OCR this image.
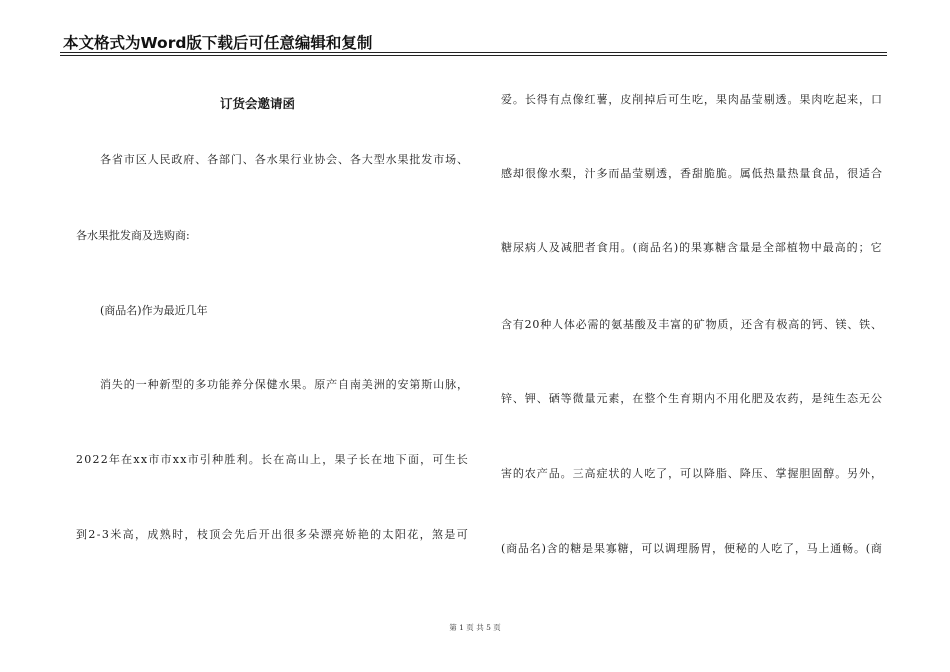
本文格式为Word版下载后可任意编辑和复制
订货会邀请函
各省市区人民政府、各部门、各水果行业协会、各大型水果批发市场、
各水果批发商及选购商:
(商品名)作为最近几年
消失的一种新型的多功能养分保健水果。原产自南美洲的安第斯山脉，
2022年在xx市市xx市引种胜利。长在高山上，果子长在地下面，可生长
到2-3米高，成熟时，枝顶会先后开出很多朵漂亮娇艳的太阳花，煞是可
爱。长得有点像红薯，皮削掉后可生吃，果肉晶莹剔透。果肉吃起来，口
感却很像水梨，汁多而晶莹剔透，香甜脆脆。属低热量热量食品，很适合
糖尿病人及减肥者食用。(商品名)的果寡糖含量是全部植物中最高的；它
含有20种人体必需的氨基酸及丰富的矿物质，还含有极高的钙、镁、铁、
锌、钾、硒等微量元素，在整个生育期内不用化肥及农药，是纯生态无公
害的农产品。三高症状的人吃了，可以降脂、降压、掌握胆固醇。另外，
(商品名)含的糖是果寡糖，可以调理肠胃，便秘的人吃了，马上通畅。(商
第 1 页 共 5 页
